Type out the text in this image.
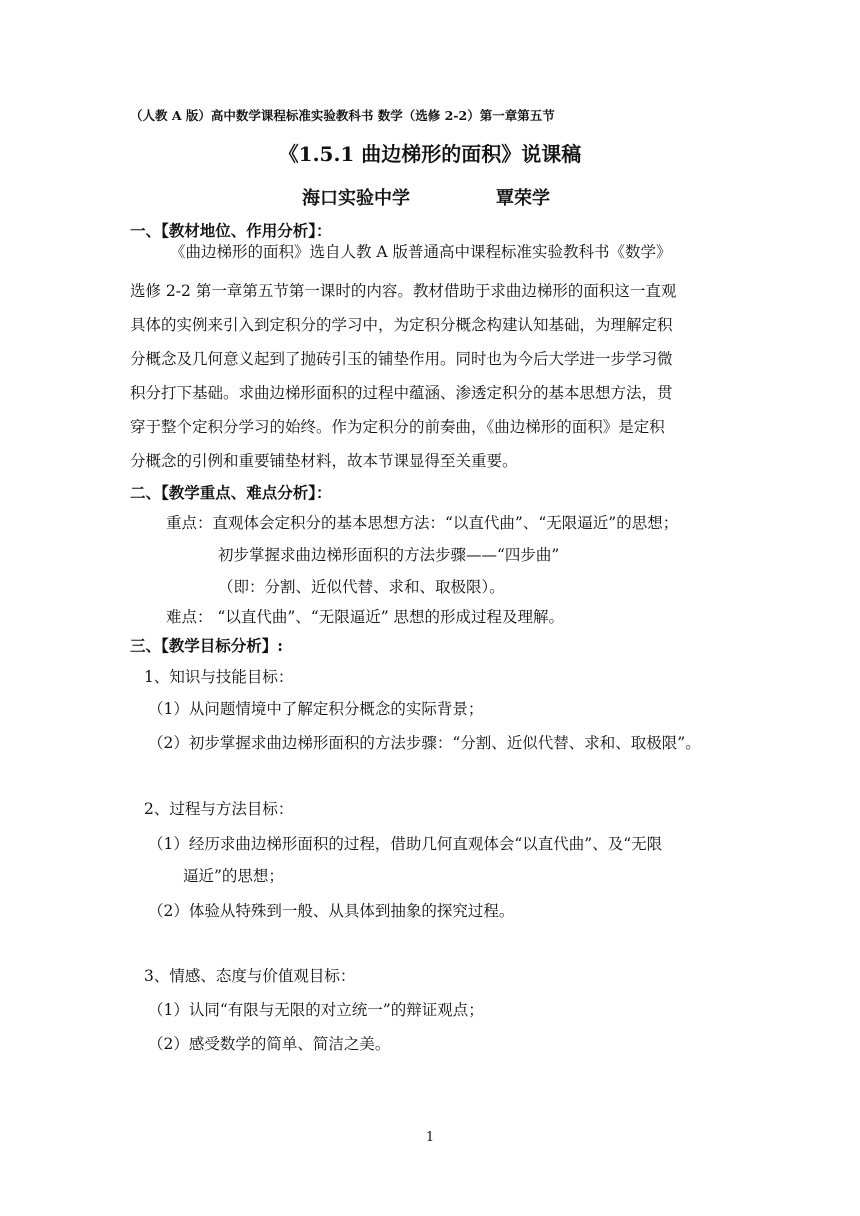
（人教 A 版）高中数学课程标准实验教科书 数学（选修 2-2）第一章第五节
《1.5.1 曲边梯形的面积》说课稿
海口实验中学	覃荣学
一、【教材地位、作用分析】：
《曲边梯形的面积》选自人教 A 版普通高中课程标准实验教科书《数学》
选修 2-2 第一章第五节第一课时的内容。教材借助于求曲边梯形的面积这一直观
具体的实例来引入到定积分的学习中，为定积分概念构建认知基础，为理解定积
分概念及几何意义起到了抛砖引玉的铺垫作用。同时也为今后大学进一步学习微
积分打下基础。求曲边梯形面积的过程中蕴涵、渗透定积分的基本思想方法，贯
穿于整个定积分学习的始终。作为定积分的前奏曲，《曲边梯形的面积》是定积
分概念的引例和重要铺垫材料，故本节课显得至关重要。
二、【教学重点、难点分析】：
重点：直观体会定积分的基本思想方法：“以直代曲”、“无限逼近”的思想；
初步掌握求曲边梯形面积的方法步骤——“四步曲”
（即：分割、近似代替、求和、取极限）。
难点： “以直代曲”、“无限逼近” 思想的形成过程及理解。
三、【教学目标分析】:
1、知识与技能目标：
（1）从问题情境中了解定积分概念的实际背景；
（2）初步掌握求曲边梯形面积的方法步骤：“分割、近似代替、求和、取极限”。
2、过程与方法目标：
（1）经历求曲边梯形面积的过程，借助几何直观体会“以直代曲”、及“无限
逼近”的思想；
（2）体验从特殊到一般、从具体到抽象的探究过程。
3、情感、态度与价值观目标：
（1）认同“有限与无限的对立统一”的辩证观点；
（2）感受数学的简单、简洁之美。
1
